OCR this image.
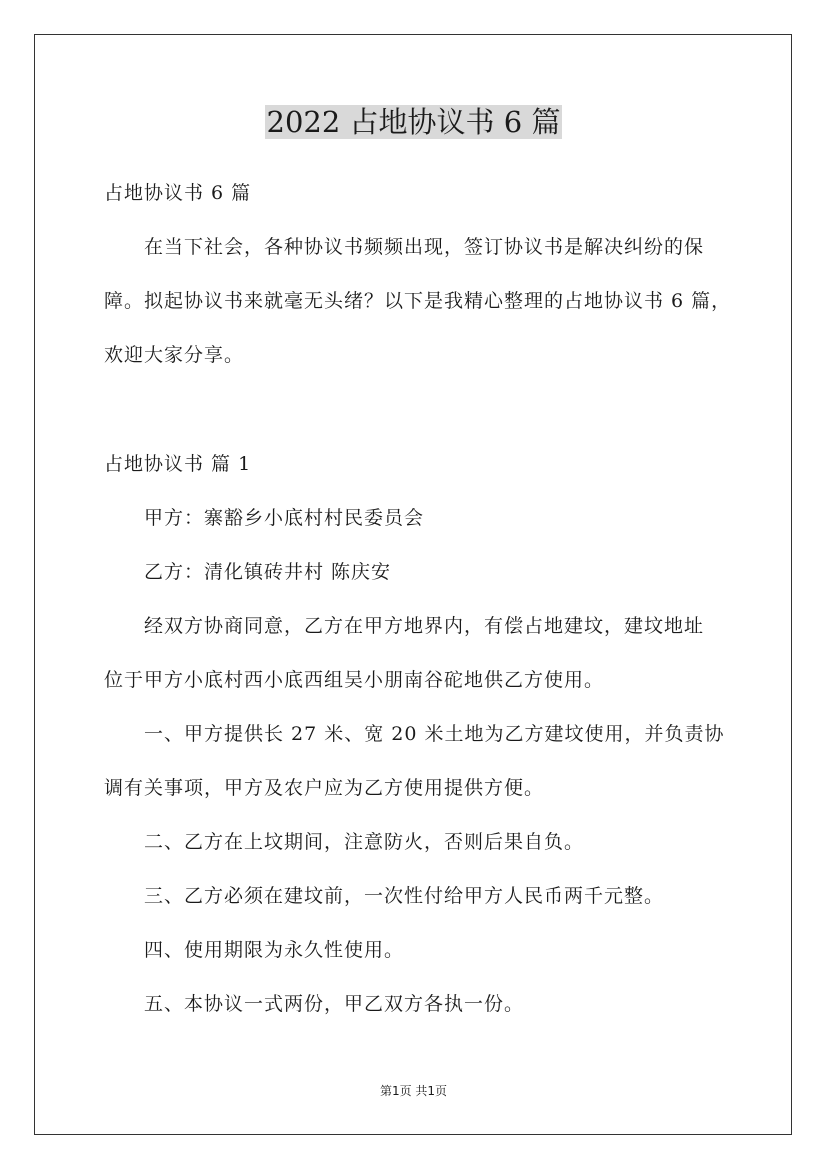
2022 占地协议书 6 篇
占地协议书 6 篇
在当下社会，各种协议书频频出现，签订协议书是解决纠纷的保
障。拟起协议书来就毫无头绪？以下是我精心整理的占地协议书 6 篇，
欢迎大家分享。
占地协议书 篇 1
甲方：寨豁乡小底村村民委员会
乙方：清化镇砖井村 陈庆安
经双方协商同意，乙方在甲方地界内，有偿占地建坟，建坟地址
位于甲方小底村西小底西组吴小朋南谷砣地供乙方使用。
一、甲方提供长 27 米、宽 20 米土地为乙方建坟使用，并负责协
调有关事项，甲方及农户应为乙方使用提供方便。
二、乙方在上坟期间，注意防火，否则后果自负。
三、乙方必须在建坟前，一次性付给甲方人民币两千元整。
四、使用期限为永久性使用。
五、本协议一式两份，甲乙双方各执一份。
第1页 共1页
